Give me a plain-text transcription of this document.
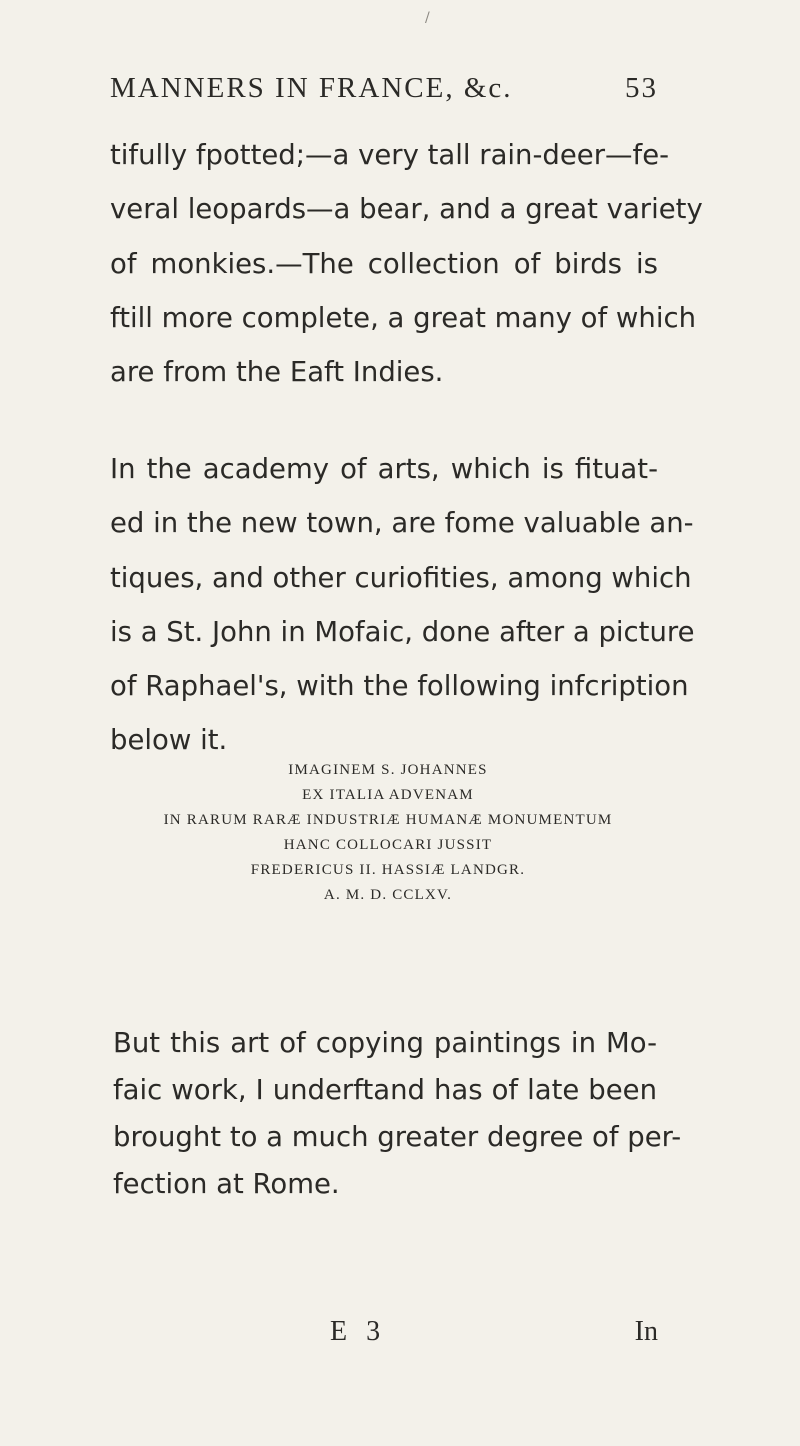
/
MANNERS IN FRANCE, &c.	53

tifully fpotted;—a very tall rain-deer—fe-
veral leopards—a bear, and a great variety
of monkies.—The collection of birds is
ftill more complete, a great many of which
are from the Eaft Indies.

In the academy of arts, which is fituat-
ed in the new town, are fome valuable an-
tiques, and other curiofities, among which
is a St. John in Mofaic, done after a picture
of Raphael's, with the following infcription
below it.

IMAGINEM S. JOHANNES
EX ITALIA ADVENAM
IN RARUM RARÆ INDUSTRIÆ HUMANÆ MONUMENTUM
HANC COLLOCARI JUSSIT
FREDERICUS II. HASSIÆ LANDGR.
A. M. D. CCLXV.

But this art of copying paintings in Mo-
faic work, I underftand has of late been
brought to a much greater degree of per-
fection at Rome.

E 3	In
